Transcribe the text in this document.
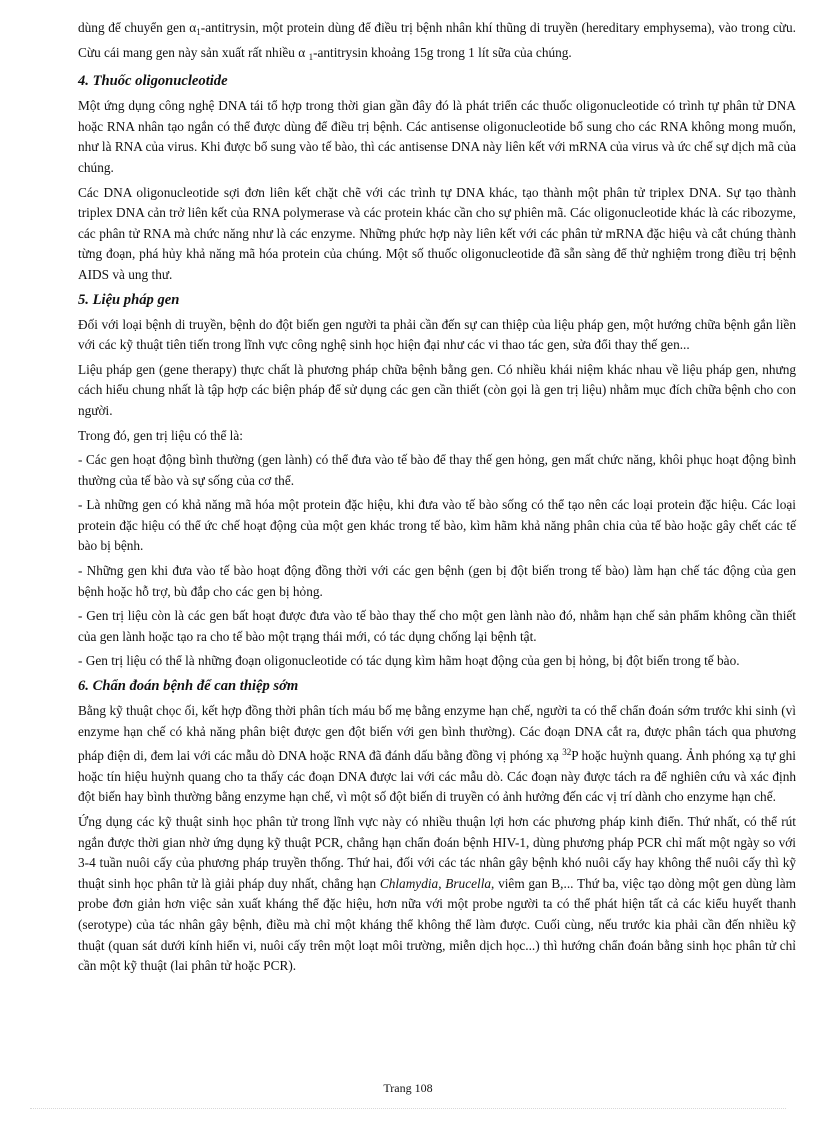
dùng để chuyển gen $\alpha_1$-antitrysin, một protein dùng để điều trị bệnh nhân khí thũng di truyền (hereditary emphysema), vào trong cừu. Cừu cái mang gen này sản xuất rất nhiều α $_1$-antitrysin khoảng 15g trong 1 lít sữa của chúng.

4. Thuốc oligonucleotide

Một ứng dụng công nghệ DNA tái tổ hợp trong thời gian gần đây đó là phát triển các thuốc oligonucleotide có trình tự phân tử DNA hoặc RNA nhân tạo ngắn có thể được dùng để điều trị bệnh. Các antisense oligonucleotide bổ sung cho các RNA không mong muốn, như là RNA của virus. Khi được bổ sung vào tế bào, thì các antisense DNA này liên kết với mRNA của virus và ức chế sự dịch mã của chúng.

Các DNA oligonucleotide sợi đơn liên kết chặt chẽ với các trình tự DNA khác, tạo thành một phân tử triplex DNA. Sự tạo thành triplex DNA cản trở liên kết của RNA polymerase và các protein khác cần cho sự phiên mã. Các oligonucleotide khác là các ribozyme, các phân tử RNA mà chức năng như là các enzyme. Những phức hợp này liên kết với các phân tử mRNA đặc hiệu và cắt chúng thành từng đoạn, phá hủy khả năng mã hóa protein của chúng. Một số thuốc oligonucleotide đã sẵn sàng để thử nghiệm trong điều trị bệnh AIDS và ung thư.

5. Liệu pháp gen

Đối với loại bệnh di truyền, bệnh do đột biến gen người ta phải cần đến sự can thiệp của liệu pháp gen, một hướng chữa bệnh gắn liền với các kỹ thuật tiên tiến trong lĩnh vực công nghệ sinh học hiện đại như các vi thao tác gen, sửa đổi thay thế gen...

Liệu pháp gen (gene therapy) thực chất là phương pháp chữa bệnh bằng gen. Có nhiều khái niệm khác nhau về liệu pháp gen, nhưng cách hiểu chung nhất là tập hợp các biện pháp để sử dụng các gen cần thiết (còn gọi là gen trị liệu) nhằm mục đích chữa bệnh cho con người.

Trong đó, gen trị liệu có thể là:

- Các gen hoạt động bình thường (gen lành) có thể đưa vào tế bào để thay thế gen hỏng, gen mất chức năng, khôi phục hoạt động bình thường của tế bào và sự sống của cơ thể.

- Là những gen có khả năng mã hóa một protein đặc hiệu, khi đưa vào tế bào sống có thể tạo nên các loại protein đặc hiệu. Các loại protein đặc hiệu có thể ức chế hoạt động của một gen khác trong tế bào, kìm hãm khả năng phân chia của tế bào hoặc gây chết các tế bào bị bệnh.

- Những gen khi đưa vào tế bào hoạt động đồng thời với các gen bệnh (gen bị đột biến trong tế bào) làm hạn chế tác động của gen bệnh hoặc hỗ trợ, bù đắp cho các gen bị hỏng.

- Gen trị liệu còn là các gen bất hoạt được đưa vào tế bào thay thế cho một gen lành nào đó, nhằm hạn chế sản phẩm không cần thiết của gen lành hoặc tạo ra cho tế bào một trạng thái mới, có tác dụng chống lại bệnh tật.

- Gen trị liệu có thể là những đoạn oligonucleotide có tác dụng kìm hãm hoạt động của gen bị hỏng, bị đột biến trong tế bào.

6. Chẩn đoán bệnh để can thiệp sớm

Bằng kỹ thuật chọc ối, kết hợp đồng thời phân tích máu bố mẹ bằng enzyme hạn chế, người ta có thể chẩn đoán sớm trước khi sinh (vì enzyme hạn chế có khả năng phân biệt được gen đột biến với gen bình thường). Các đoạn DNA cắt ra, được phân tách qua phương pháp điện di, đem lai với các mẫu dò DNA hoặc RNA đã đánh dấu bằng đồng vị phóng xạ $^{32}$P hoặc huỳnh quang. Ảnh phóng xạ tự ghi hoặc tín hiệu huỳnh quang cho ta thấy các đoạn DNA được lai với các mẫu dò. Các đoạn này được tách ra để nghiên cứu và xác định đột biến hay bình thường bằng enzyme hạn chế, vì một số đột biến di truyền có ảnh hưởng đến các vị trí dành cho enzyme hạn chế.

Ứng dụng các kỹ thuật sinh học phân tử trong lĩnh vực này có nhiều thuận lợi hơn các phương pháp kinh điển. Thứ nhất, có thể rút ngắn được thời gian nhờ ứng dụng kỹ thuật PCR, chẳng hạn chẩn đoán bệnh HIV-1, dùng phương pháp PCR chỉ mất một ngày so với 3-4 tuần nuôi cấy của phương pháp truyền thống. Thứ hai, đối với các tác nhân gây bệnh khó nuôi cấy hay không thể nuôi cấy thì kỹ thuật sinh học phân tử là giải pháp duy nhất, chẳng hạn Chlamydia, Brucella, viêm gan B,... Thứ ba, việc tạo dòng một gen dùng làm probe đơn giản hơn việc sản xuất kháng thể đặc hiệu, hơn nữa với một probe người ta có thể phát hiện tất cả các kiểu huyết thanh (serotype) của tác nhân gây bệnh, điều mà chỉ một kháng thể không thể làm được. Cuối cùng, nếu trước kia phải cần đến nhiều kỹ thuật (quan sát dưới kính hiển vi, nuôi cấy trên một loạt môi trường, miễn dịch học...) thì hướng chẩn đoán bằng sinh học phân tử chỉ cần một kỹ thuật (lai phân tử hoặc PCR).

Trang 108
